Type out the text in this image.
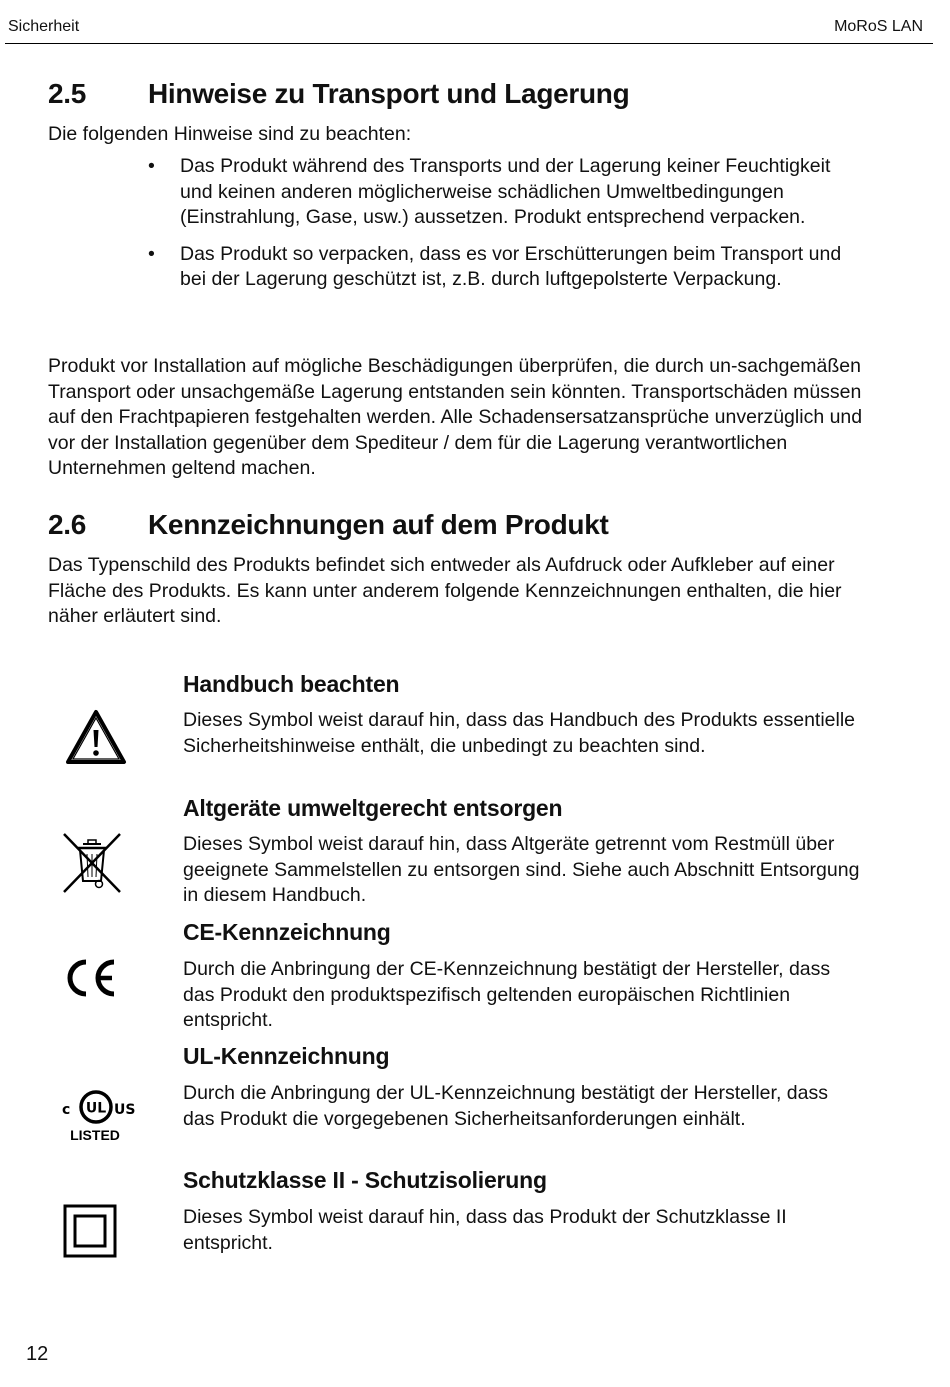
Sicherheit	MoRoS LAN
2.5 Hinweise zu Transport und Lagerung
Die folgenden Hinweise sind zu beachten:
• Das Produkt während des Transports und der Lagerung keiner Feuchtigkeit und keinen anderen möglicherweise schädlichen Umweltbedingungen (Einstrahlung, Gase, usw.) aussetzen. Produkt entsprechend verpacken.
• Das Produkt so verpacken, dass es vor Erschütterungen beim Transport und bei der Lagerung geschützt ist, z.B. durch luftgepolsterte Verpackung.
Produkt vor Installation auf mögliche Beschädigungen überprüfen, die durch un-sachgemäßen Transport oder unsachgemäße Lagerung entstanden sein könnten. Transportschäden müssen auf den Frachtpapieren festgehalten werden. Alle Schadensersatzansprüche unverzüglich und vor der Installation gegenüber dem Spediteur / dem für die Lagerung verantwortlichen Unternehmen geltend machen.
2.6 Kennzeichnungen auf dem Produkt
Das Typenschild des Produkts befindet sich entweder als Aufdruck oder Aufkleber auf einer Fläche des Produkts. Es kann unter anderem folgende Kennzeichnungen enthalten, die hier näher erläutert sind.
Handbuch beachten
Dieses Symbol weist darauf hin, dass das Handbuch des Produkts essentielle Sicherheitshinweise enthält, die unbedingt zu beachten sind.
Altgeräte umweltgerecht entsorgen
Dieses Symbol weist darauf hin, dass Altgeräte getrennt vom Restmüll über geeignete Sammelstellen zu entsorgen sind. Siehe auch Abschnitt Entsorgung in diesem Handbuch.
CE-Kennzeichnung
Durch die Anbringung der CE-Kennzeichnung bestätigt der Hersteller, dass das Produkt den produktspezifisch geltenden europäischen Richtlinien entspricht.
UL-Kennzeichnung
Durch die Anbringung der UL-Kennzeichnung bestätigt der Hersteller, dass das Produkt die vorgegebenen Sicherheitsanforderungen einhält.
UL
c	US
LISTED
Schutzklasse II - Schutzisolierung
Dieses Symbol weist darauf hin, dass das Produkt der Schutzklasse II entspricht.
12
